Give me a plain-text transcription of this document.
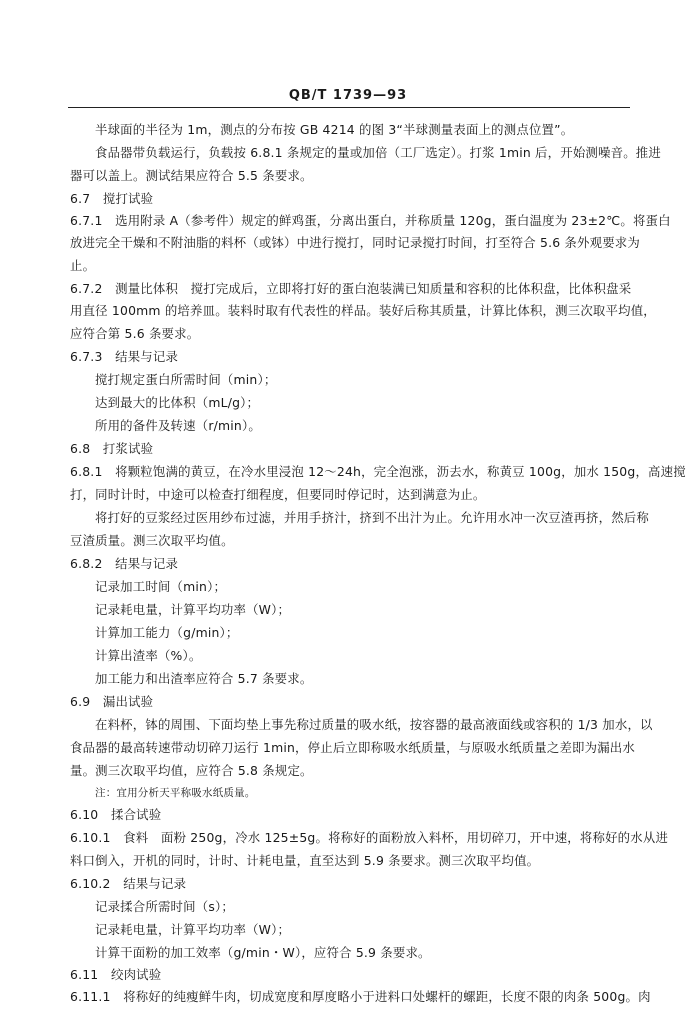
QB/T 1739—93
半球面的半径为 1m，测点的分布按 GB 4214 的图 3“半球测量表面上的测点位置”。
食品器带负载运行，负载按 6.8.1 条规定的量或加倍（工厂选定）。打浆 1min 后，开始测噪音。推进
器可以盖上。测试结果应符合 5.5 条要求。
6.7　搅打试验
6.7.1　选用附录 A（参考件）规定的鲜鸡蛋，分离出蛋白，并称质量 120g，蛋白温度为 23±2℃。将蛋白
放进完全干燥和不附油脂的料杯（或钵）中进行搅打，同时记录搅打时间，打至符合 5.6 条外观要求为
止。
6.7.2　测量比体积　搅打完成后，立即将打好的蛋白泡装满已知质量和容积的比体积盘，比体积盘采
用直径 100mm 的培养皿。装料时取有代表性的样品。装好后称其质量，计算比体积，测三次取平均值，
应符合第 5.6 条要求。
6.7.3　结果与记录
搅打规定蛋白所需时间（min）；
达到最大的比体积（mL/g）；
所用的备件及转速（r/min）。
6.8　打浆试验
6.8.1　将颗粒饱满的黄豆，在冷水里浸泡 12～24h，完全泡涨，沥去水，称黄豆 100g，加水 150g，高速搅
打，同时计时，中途可以检查打细程度，但要同时停记时，达到满意为止。
将打好的豆浆经过医用纱布过滤，并用手挤汁，挤到不出汁为止。允许用水冲一次豆渣再挤，然后称
豆渣质量。测三次取平均值。
6.8.2　结果与记录
记录加工时间（min）；
记录耗电量，计算平均功率（W）；
计算加工能力（g/min）；
计算出渣率（%）。
加工能力和出渣率应符合 5.7 条要求。
6.9　漏出试验
在料杯，钵的周围、下面均垫上事先称过质量的吸水纸，按容器的最高液面线或容积的 1/3 加水，以
食品器的最高转速带动切碎刀运行 1min，停止后立即称吸水纸质量，与原吸水纸质量之差即为漏出水
量。测三次取平均值，应符合 5.8 条规定。
注：宜用分析天平称吸水纸质量。
6.10　揉合试验
6.10.1　食料　面粉 250g，冷水 125±5g。将称好的面粉放入料杯，用切碎刀，开中速，将称好的水从进
料口倒入，开机的同时，计时、计耗电量，直至达到 5.9 条要求。测三次取平均值。
6.10.2　结果与记录
记录揉合所需时间（s）；
记录耗电量，计算平均功率（W）；
计算干面粉的加工效率（g/min・W），应符合 5.9 条要求。
6.11　绞肉试验
6.11.1　将称好的纯瘦鲜牛肉，切成宽度和厚度略小于进料口处螺杆的螺距，长度不限的肉条 500g。肉
